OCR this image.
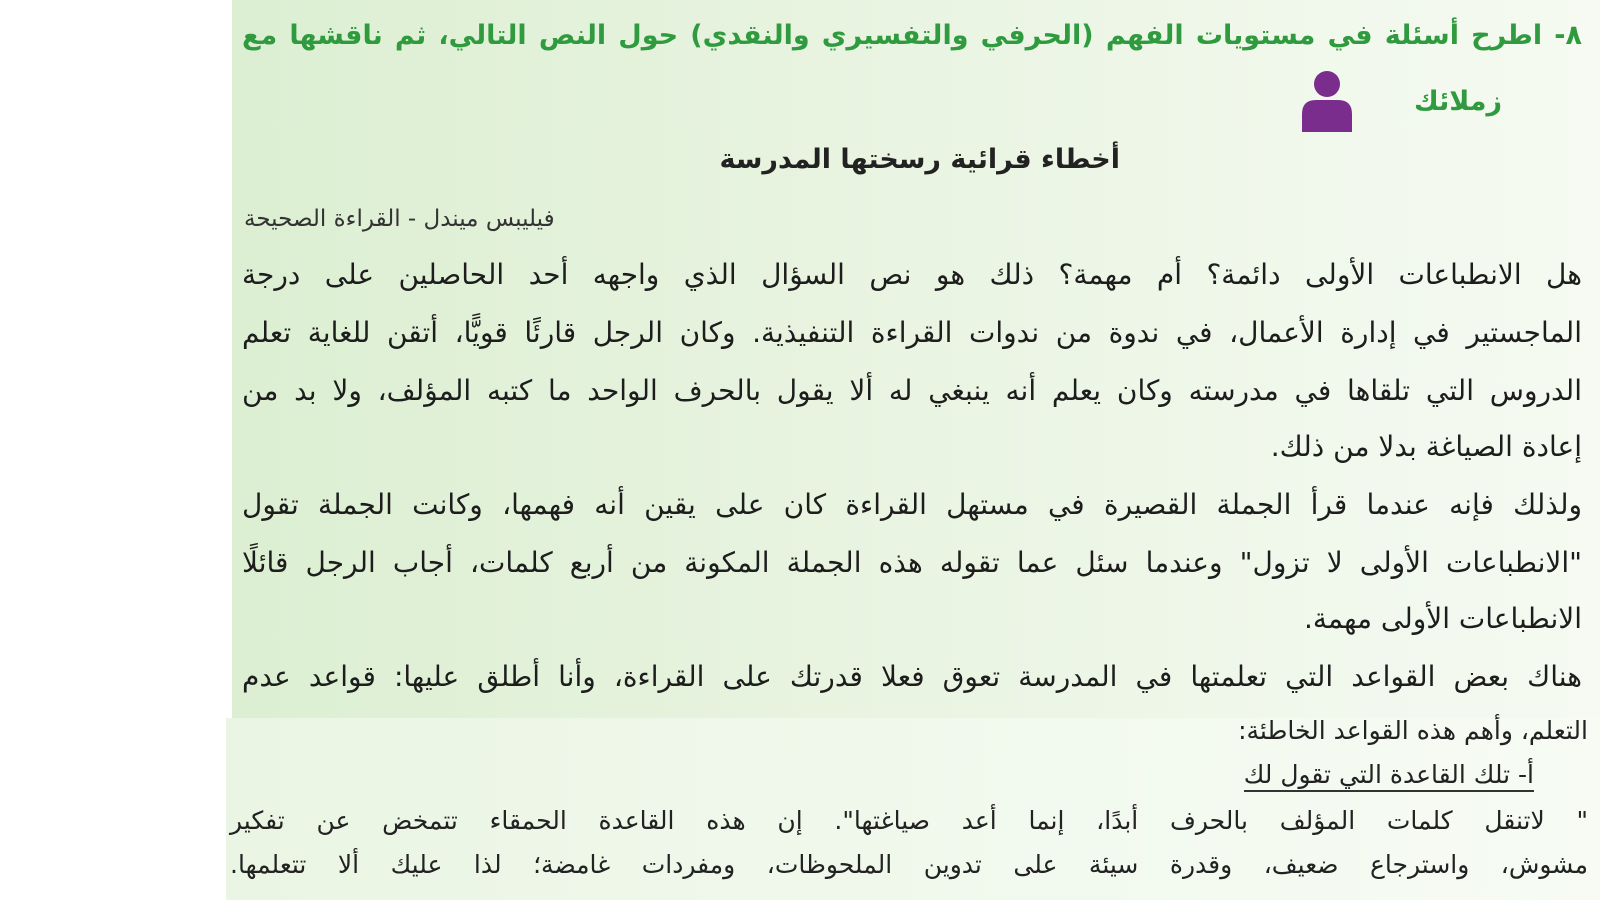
٨- اطرح أسئلة في مستويات الفهم (الحرفي والتفسيري والنقدي) حول النص التالي، ثم ناقشها مع
زملائك
أخطاء قرائية رسختها المدرسة
فيليبس ميندل - القراءة الصحيحة
هل الانطباعات الأولى دائمة؟ أم مهمة؟ ذلك هو نص السؤال الذي واجهه أحد الحاصلين على درجة
الماجستير في إدارة الأعمال، في ندوة من ندوات القراءة التنفيذية. وكان الرجل قارئًا قويًّا، أتقن للغاية تعلم
الدروس التي تلقاها في مدرسته وكان يعلم أنه ينبغي له ألا يقول بالحرف الواحد ما كتبه المؤلف، ولا بد من
إعادة الصياغة بدلا من ذلك.
ولذلك فإنه عندما قرأ الجملة القصيرة في مستهل القراءة كان على يقين أنه فهمها، وكانت الجملة تقول
"الانطباعات الأولى لا تزول" وعندما سئل عما تقوله هذه الجملة المكونة من أربع كلمات، أجاب الرجل قائلًا
الانطباعات الأولى مهمة.
هناك بعض القواعد التي تعلمتها في المدرسة تعوق فعلا قدرتك على القراءة، وأنا أطلق عليها: قواعد عدم
التعلم، وأهم هذه القواعد الخاطئة:
أ- تلك القاعدة التي تقول لك
" لاتنقل كلمات المؤلف بالحرف أبدًا، إنما أعد صياغتها". إن هذه القاعدة الحمقاء تتمخض عن تفكير
مشوش، واسترجاع ضعيف، وقدرة سيئة على تدوين الملحوظات، ومفردات غامضة؛ لذا عليك ألا تتعلمها.
